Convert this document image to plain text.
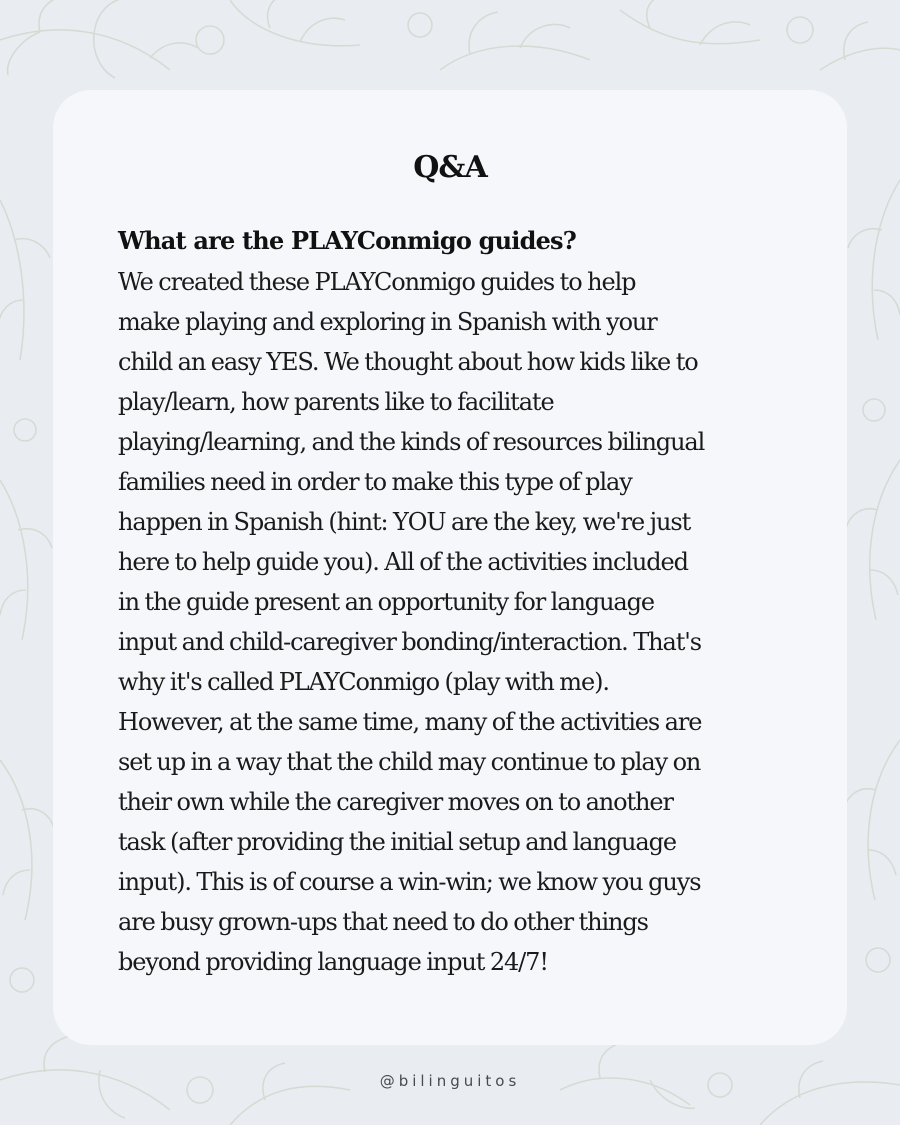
Q&A
What are the PLAYConmigo guides?

We created these PLAYConmigo guides to help
make playing and exploring in Spanish with your
child an easy YES. We thought about how kids like to
play/learn, how parents like to facilitate
playing/learning, and the kinds of resources bilingual
families need in order to make this type of play
happen in Spanish (hint: YOU are the key, we're just
here to help guide you). All of the activities included
in the guide present an opportunity for language
input and child-caregiver bonding/interaction. That's
why it's called PLAYConmigo (play with me).
However, at the same time, many of the activities are
set up in a way that the child may continue to play on
their own while the caregiver moves on to another
task (after providing the initial setup and language
input). This is of course a win-win; we know you guys
are busy grown-ups that need to do other things
beyond providing language input 24/7!

@bilinguitos
